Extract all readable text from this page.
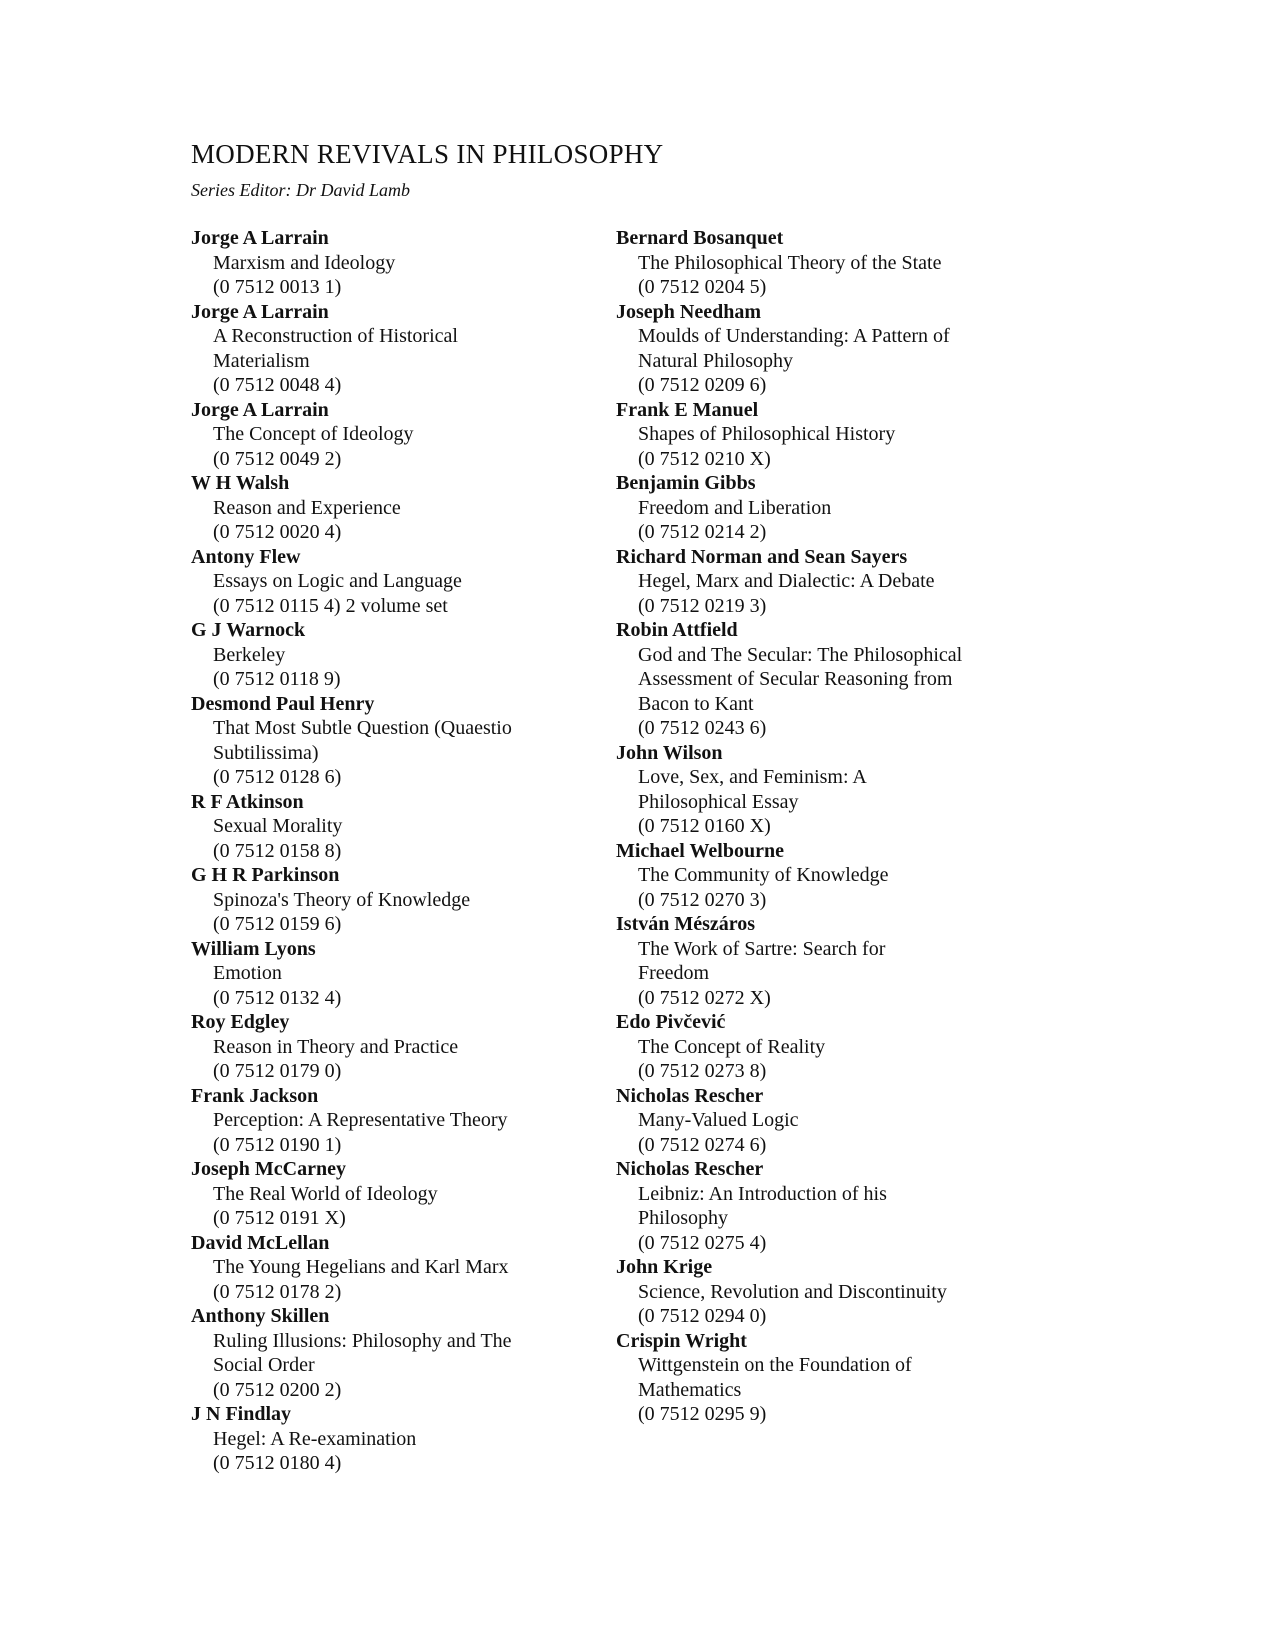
MODERN REVIVALS IN PHILOSOPHY
Series Editor: Dr David Lamb
Jorge A Larrain
Marxism and Ideology
(0 7512 0013 1)
Jorge A Larrain
A Reconstruction of Historical
Materialism
(0 7512 0048 4)
Jorge A Larrain
The Concept of Ideology
(0 7512 0049 2)
W H Walsh
Reason and Experience
(0 7512 0020 4)
Antony Flew
Essays on Logic and Language
(0 7512 0115 4) 2 volume set
G J Warnock
Berkeley
(0 7512 0118 9)
Desmond Paul Henry
That Most Subtle Question (Quaestio
Subtilissima)
(0 7512 0128 6)
R F Atkinson
Sexual Morality
(0 7512 0158 8)
G H R Parkinson
Spinoza's Theory of Knowledge
(0 7512 0159 6)
William Lyons
Emotion
(0 7512 0132 4)
Roy Edgley
Reason in Theory and Practice
(0 7512 0179 0)
Frank Jackson
Perception: A Representative Theory
(0 7512 0190 1)
Joseph McCarney
The Real World of Ideology
(0 7512 0191 X)
David McLellan
The Young Hegelians and Karl Marx
(0 7512 0178 2)
Anthony Skillen
Ruling Illusions: Philosophy and The
Social Order
(0 7512 0200 2)
J N Findlay
Hegel: A Re-examination
(0 7512 0180 4)
Bernard Bosanquet
The Philosophical Theory of the State
(0 7512 0204 5)
Joseph Needham
Moulds of Understanding: A Pattern of
Natural Philosophy
(0 7512 0209 6)
Frank E Manuel
Shapes of Philosophical History
(0 7512 0210 X)
Benjamin Gibbs
Freedom and Liberation
(0 7512 0214 2)
Richard Norman and Sean Sayers
Hegel, Marx and Dialectic: A Debate
(0 7512 0219 3)
Robin Attfield
God and The Secular: The Philosophical
Assessment of Secular Reasoning from
Bacon to Kant
(0 7512 0243 6)
John Wilson
Love, Sex, and Feminism: A
Philosophical Essay
(0 7512 0160 X)
Michael Welbourne
The Community of Knowledge
(0 7512 0270 3)
István Mészáros
The Work of Sartre: Search for
Freedom
(0 7512 0272 X)
Edo Pivčević
The Concept of Reality
(0 7512 0273 8)
Nicholas Rescher
Many-Valued Logic
(0 7512 0274 6)
Nicholas Rescher
Leibniz: An Introduction of his
Philosophy
(0 7512 0275 4)
John Krige
Science, Revolution and Discontinuity
(0 7512 0294 0)
Crispin Wright
Wittgenstein on the Foundation of
Mathematics
(0 7512 0295 9)
